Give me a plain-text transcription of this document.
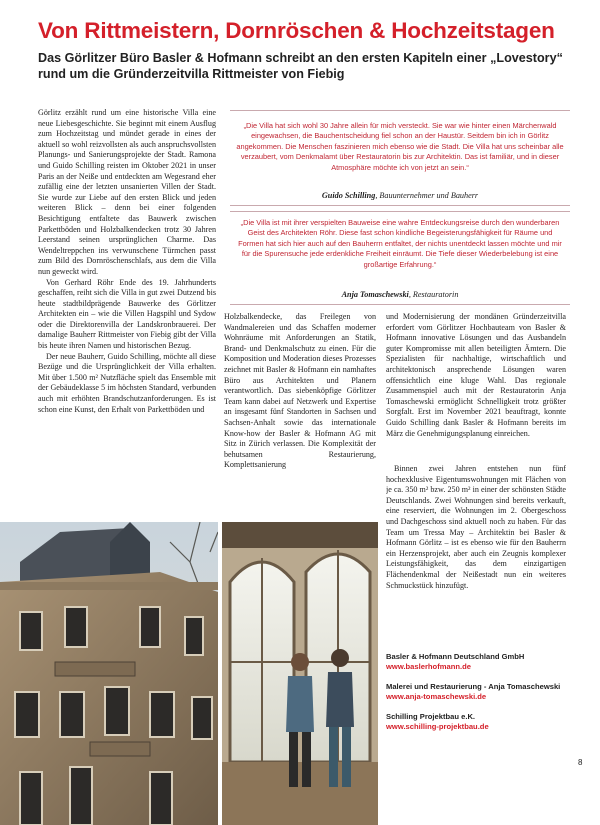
Von Rittmeistern, Dornröschen & Hochzeitstagen
Das Görlitzer Büro Basler & Hofmann schreibt an den ersten Kapiteln einer „Lovestory“ rund um die Gründerzeitvilla Rittmeister von Fiebig

Görlitz erzählt rund um eine historische Villa eine neue Liebesgeschichte. Sie beginnt mit einem Ausflug zum Hochzeitstag und mündet gerade in eines der aktuell so wohl reizvollsten als auch anspruchsvollsten Planungs- und Sanierungsprojekte der Stadt. Ramona und Guido Schilling reisten im Oktober 2021 in unser Paris an der Neiße und entdeckten am Wegesrand eher zufällig eine der letzten unsanierten Villen der Stadt. Sie wurde zur Liebe auf den ersten Blick und jeden weiteren Blick – denn bei einer folgenden Besichtigung entfaltete das Bauwerk zwischen Parkettböden und Holzbalkendecken trotz 30 Jahren Leerstand seinen ursprünglichen Charme. Das Wendeltreppchen ins verwunschene Türmchen passt zum Bild des Dornröschenschlafs, aus dem die Villa nun geweckt wird.

Von Gerhard Röhr Ende des 19. Jahrhunderts geschaffen, reiht sich die Villa in gut zwei Dutzend bis heute stadtbildprägende Bauwerke des Görlitzer Architekten ein – wie die Villen Hagspihl und Sydow oder die Direktorenvilla der Landskronbrauerei. Der damalige Bauherr Rittmeister von Fiebig gibt der Villa bis heute ihren Namen und historischen Bezug.

Der neue Bauherr, Guido Schilling, möchte all diese Bezüge und die Ursprünglichkeit der Villa erhalten. Mit über 1.500 m² Nutzfläche spielt das Ensemble mit der Gebäudeklasse 5 im höchsten Standard, verbunden auch mit erhöhten Brandschutzanforderungen. Es ist schon eine Kunst, den Erhalt von Parkettböden und

„Die Villa hat sich wohl 30 Jahre allein für mich versteckt. Sie war wie hinter einen Märchenwald eingewachsen, die Bauchentscheidung fiel schon an der Haustür. Seitdem bin ich in Görlitz angekommen. Die Menschen faszinieren mich ebenso wie die Stadt. Die Villa hat uns scheinbar alle verzaubert, vom Denkmalamt über Restauratorin bis zur Architektin. Das ist familiär, und in dieser Atmosphäre möchte ich von jetzt an sein.“
Guido Schilling, Bauunternehmer und Bauherr
„Die Villa ist mit ihrer verspielten Bauweise eine wahre Entdeckungsreise durch den wunderbaren Geist des Architekten Röhr. Diese fast schon kindliche Begeisterungsfähigkeit für Räume und Formen hat sich hier auch auf den Bauherrn entfaltet, der nichts unentdeckt lassen möchte und mir für die Spurensuche jede erdenkliche Freiheit einräumt. Die Tiefe dieser Wiederbelebung ist eine großartige Erfahrung.“
Anja Tomaschewski, Restauratorin

Holzbalkendecke, das Freilegen von Wandmalereien und das Schaffen moderner Wohnräume mit Anforderungen an Statik, Brand- und Denkmalschutz zu einen. Für die Komposition und Moderation dieses Prozesses zeichnet mit Basler & Hofmann ein namhaftes Büro aus Architekten und Planern verantwortlich. Das siebenköpfige Görlitzer Team kann dabei auf Netzwerk und Expertise an insgesamt fünf Standorten in Sachsen und Sachsen-Anhalt sowie das internationale Know-how der Basler & Hofmann AG mit Sitz in Zürich verlassen. Die Komplexität der behutsamen Restaurierung, Komplettsanierung

und Modernisierung der mondänen Gründerzeitvilla erfordert vom Görlitzer Hochbauteam von Basler & Hofmann innovative Lösungen und das Ausbandeln guter Kompromisse mit allen beteiligten Ämtern. Die Spezialisten für nachhaltige, wirtschaftlich und architektonisch ansprechende Lösungen waren offensichtlich eine kluge Wahl. Das regionale Zusammenspiel auch mit der Restauratorin Anja Tomaschewski ermöglicht Schnelligkeit trotz größter Sorgfalt. Erst im November 2021 beauftragt, konnte Guido Schilling dank Basler & Hofmann bereits im März die Genehmigungsplanung einreichen.

Binnen zwei Jahren entstehen nun fünf hochexklusive Eigentumswohnungen mit Flächen von je ca. 350 m² bzw. 250 m² in einer der schönsten Städte Deutschlands. Zwei Wohnungen sind bereits verkauft, eine reserviert, die Wohnungen im 2. Obergeschoss und Dachgeschoss sind aktuell noch zu haben. Für das Team um Tressa May – Architektin bei Basler & Hofmann Görlitz – ist es ebenso wie für den Bauherrn ein Herzensprojekt, aber auch ein Zeugnis komplexer Leistungsfähigkeit, das dem einzigartigen Flächendenkmal der Neißestadt nun ein weiteres Schmuckstück hinzufügt.

Basler & Hofmann Deutschland GmbH
www.baslerhofmann.de
Malerei und Restaurierung - Anja Tomaschewski
www.anja-tomaschewski.de
Schilling Projektbau e.K.
www.schilling-projektbau.de
8
